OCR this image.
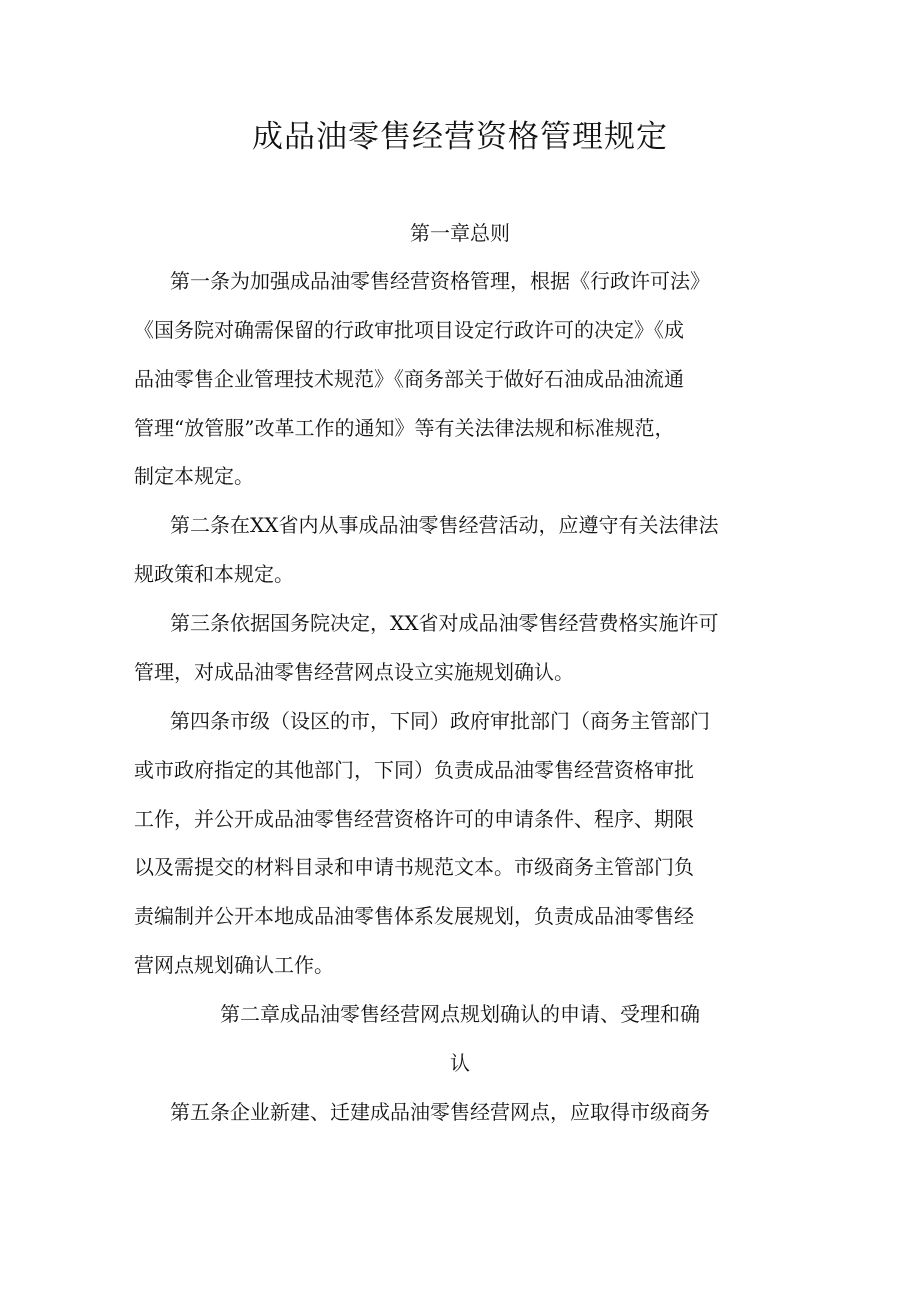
成品油零售经营资格管理规定
第一章总则
第一条为加强成品油零售经营资格管理，根据《行政许可法》
《国务院对确需保留的行政审批项目设定行政许可的决定》《成
品油零售企业管理技术规范》《商务部关于做好石油成品油流通
管理“放管服”改革工作的通知》等有关法律法规和标准规范，
制定本规定。
第二条在XX省内从事成品油零售经营活动，应遵守有关法律法
规政策和本规定。
第三条依据国务院决定，XX省对成品油零售经营费格实施许可
管理，对成品油零售经营网点设立实施规划确认。
第四条市级（设区的市，下同）政府审批部门（商务主管部门
或市政府指定的其他部门，下同）负责成品油零售经营资格审批
工作，并公开成品油零售经营资格许可的申请条件、程序、期限
以及需提交的材料目录和申请书规范文本。市级商务主管部门负
责编制并公开本地成品油零售体系发展规划，负责成品油零售经
营网点规划确认工作。
第二章成品油零售经营网点规划确认的申请、受理和确
认
第五条企业新建、迁建成品油零售经营网点，应取得市级商务
